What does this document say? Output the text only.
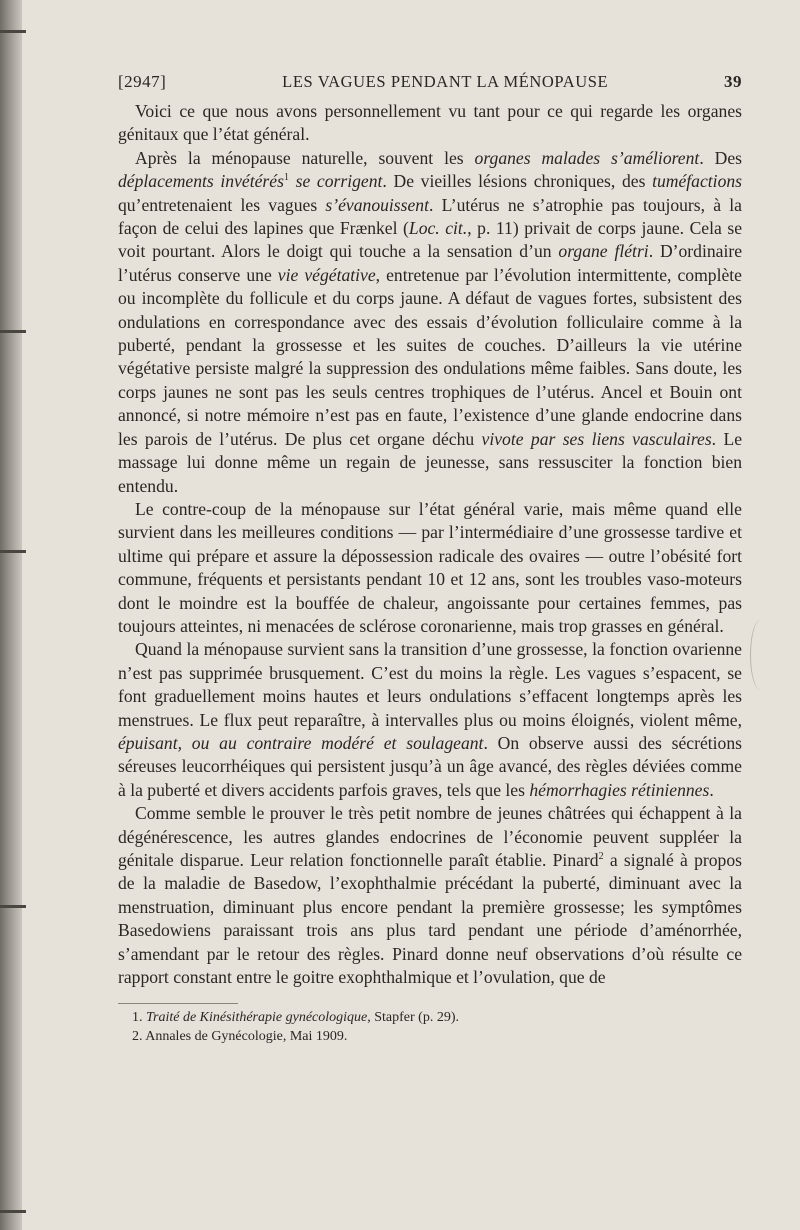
[2947]	LES VAGUES PENDANT LA MÉNOPAUSE	39

Voici ce que nous avons personnellement vu tant pour ce qui regarde les organes génitaux que l’état général.

Après la ménopause naturelle, souvent les organes malades s’améliorent. Des déplacements invétérés$^1$ se corrigent. De vieilles lésions chroniques, des tuméfactions qu’entretenaient les vagues s’évanouissent. L’utérus ne s’atrophie pas toujours, à la façon de celui des lapines que Frænkel (Loc. cit., p. 11) privait de corps jaune. Cela se voit pourtant. Alors le doigt qui touche a la sensation d’un organe flétri. D’ordinaire l’utérus conserve une vie végétative, entretenue par l’évolution intermittente, complète ou incomplète du follicule et du corps jaune. A défaut de vagues fortes, subsistent des ondulations en correspondance avec des essais d’évolution folliculaire comme à la puberté, pendant la grossesse et les suites de couches. D’ailleurs la vie utérine végétative persiste malgré la suppression des ondulations même faibles. Sans doute, les corps jaunes ne sont pas les seuls centres trophiques de l’utérus. Ancel et Bouin ont annoncé, si notre mémoire n’est pas en faute, l’existence d’une glande endocrine dans les parois de l’utérus. De plus cet organe déchu vivote par ses liens vasculaires. Le massage lui donne même un regain de jeunesse, sans ressusciter la fonction bien entendu.

Le contre-coup de la ménopause sur l’état général varie, mais même quand elle survient dans les meilleures conditions — par l’intermédiaire d’une grossesse tardive et ultime qui prépare et assure la dépossession radicale des ovaires — outre l’obésité fort commune, fréquents et persistants pendant 10 et 12 ans, sont les troubles vaso-moteurs dont le moindre est la bouffée de chaleur, angoissante pour certaines femmes, pas toujours atteintes, ni menacées de sclérose coronarienne, mais trop grasses en général.

Quand la ménopause survient sans la transition d’une grossesse, la fonction ovarienne n’est pas supprimée brusquement. C’est du moins la règle. Les vagues s’espacent, se font graduellement moins hautes et leurs ondulations s’effacent longtemps après les menstrues. Le flux peut reparaître, à intervalles plus ou moins éloignés, violent même, épuisant, ou au contraire modéré et soulageant. On observe aussi des sécrétions séreuses leucorrhéiques qui persistent jusqu’à un âge avancé, des règles déviées comme à la puberté et divers accidents parfois graves, tels que les hémorrhagies rétiniennes.

Comme semble le prouver le très petit nombre de jeunes châtrées qui échappent à la dégénérescence, les autres glandes endocrines de l’économie peuvent suppléer la génitale disparue. Leur relation fonctionnelle paraît établie. Pinard$^2$ a signalé à propos de la maladie de Basedow, l’exophthalmie précédant la puberté, diminuant avec la menstruation, diminuant plus encore pendant la première grossesse; les symptômes Basedowiens paraissant trois ans plus tard pendant une période d’aménorrhée, s’amendant par le retour des règles. Pinard donne neuf observations d’où résulte ce rapport constant entre le goitre exophthalmique et l’ovulation, que de

1. Traité de Kinésithérapie gynécologique, Stapfer (p. 29).
2. Annales de Gynécologie, Mai 1909.
